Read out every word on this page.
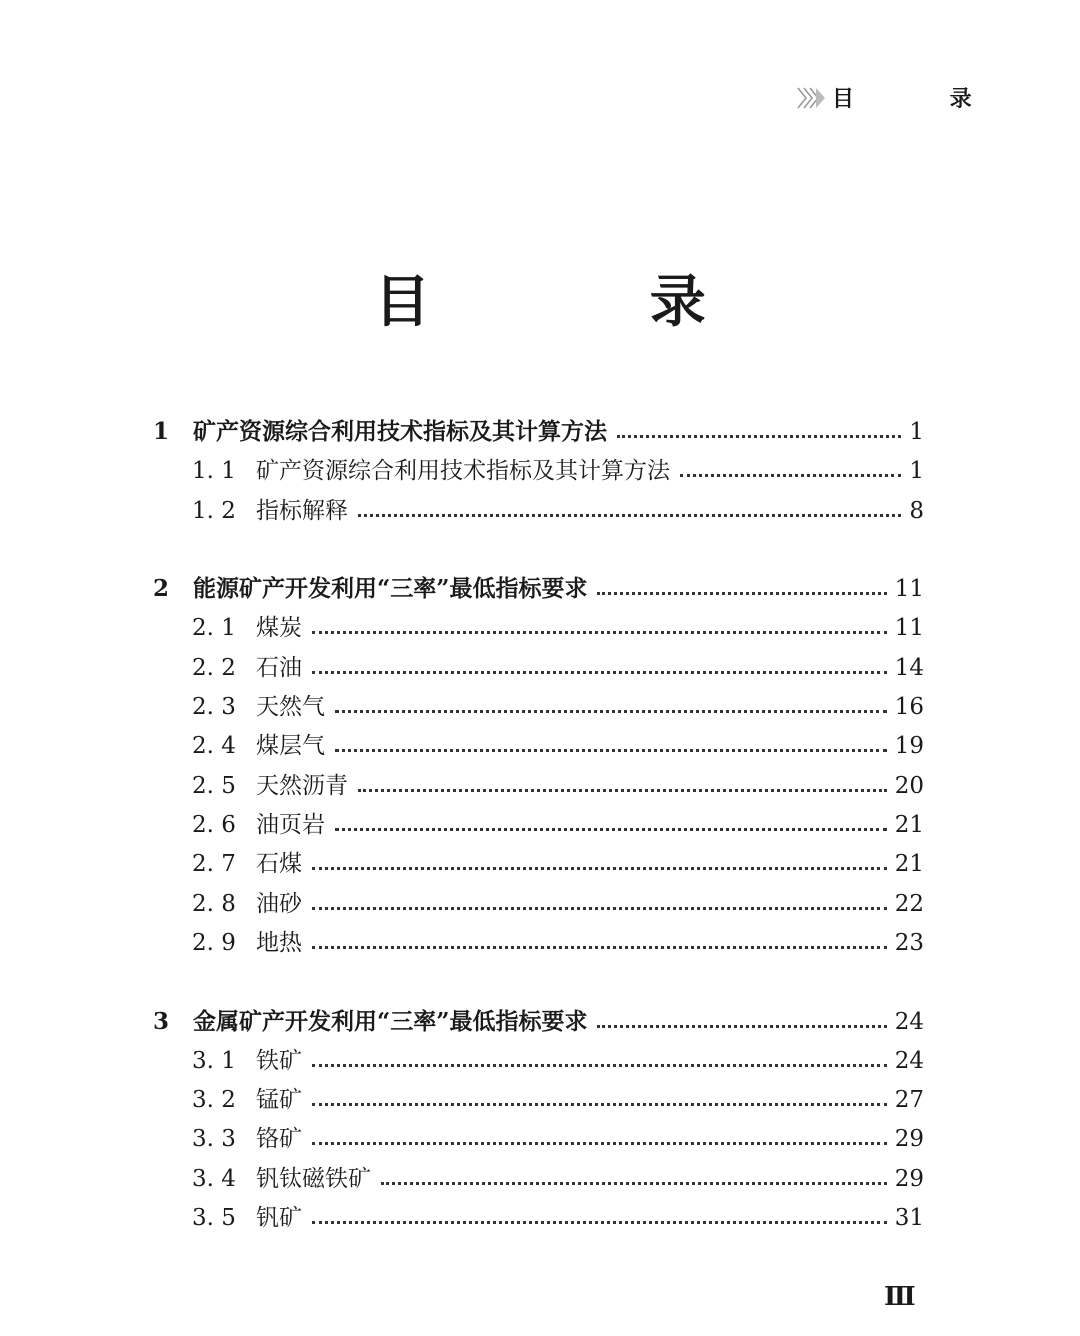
目 录
目 录
1 矿产资源综合利用技术指标及其计算方法	1
1. 1 矿产资源综合利用技术指标及其计算方法	1
1. 2 指标解释	8
2 能源矿产开发利用“三率”最低指标要求	11
2. 1 煤炭	11
2. 2 石油	14
2. 3 天然气	16
2. 4 煤层气	19
2. 5 天然沥青	20
2. 6 油页岩	21
2. 7 石煤	21
2. 8 油砂	22
2. 9 地热	23
3 金属矿产开发利用“三率”最低指标要求	24
3. 1 铁矿	24
3. 2 锰矿	27
3. 3 铬矿	29
3. 4 钒钛磁铁矿	29
3. 5 钒矿	31
Ⅲ
